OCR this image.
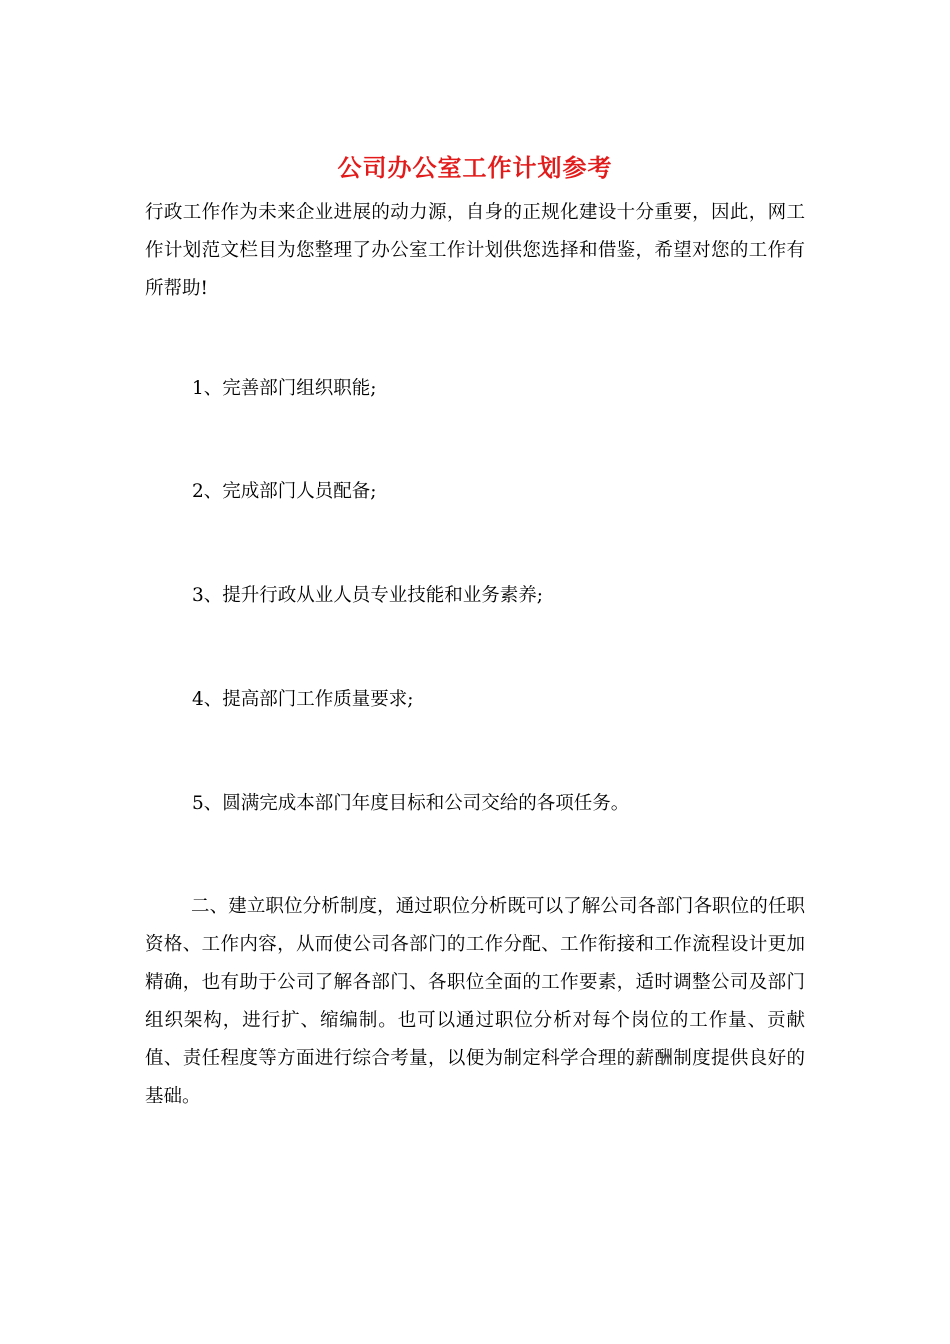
公司办公室工作计划参考
行政工作作为未来企业进展的动力源，自身的正规化建设十分重要，因此，网工作计划范文栏目为您整理了办公室工作计划供您选择和借鉴，希望对您的工作有所帮助!
1、完善部门组织职能;
2、完成部门人员配备;
3、提升行政从业人员专业技能和业务素养;
4、提高部门工作质量要求;
5、圆满完成本部门年度目标和公司交给的各项任务。
二、建立职位分析制度，通过职位分析既可以了解公司各部门各职位的任职资格、工作内容，从而使公司各部门的工作分配、工作衔接和工作流程设计更加精确，也有助于公司了解各部门、各职位全面的工作要素，适时调整公司及部门组织架构，进行扩、缩编制。也可以通过职位分析对每个岗位的工作量、贡献值、责任程度等方面进行综合考量，以便为制定科学合理的薪酬制度提供良好的基础。
